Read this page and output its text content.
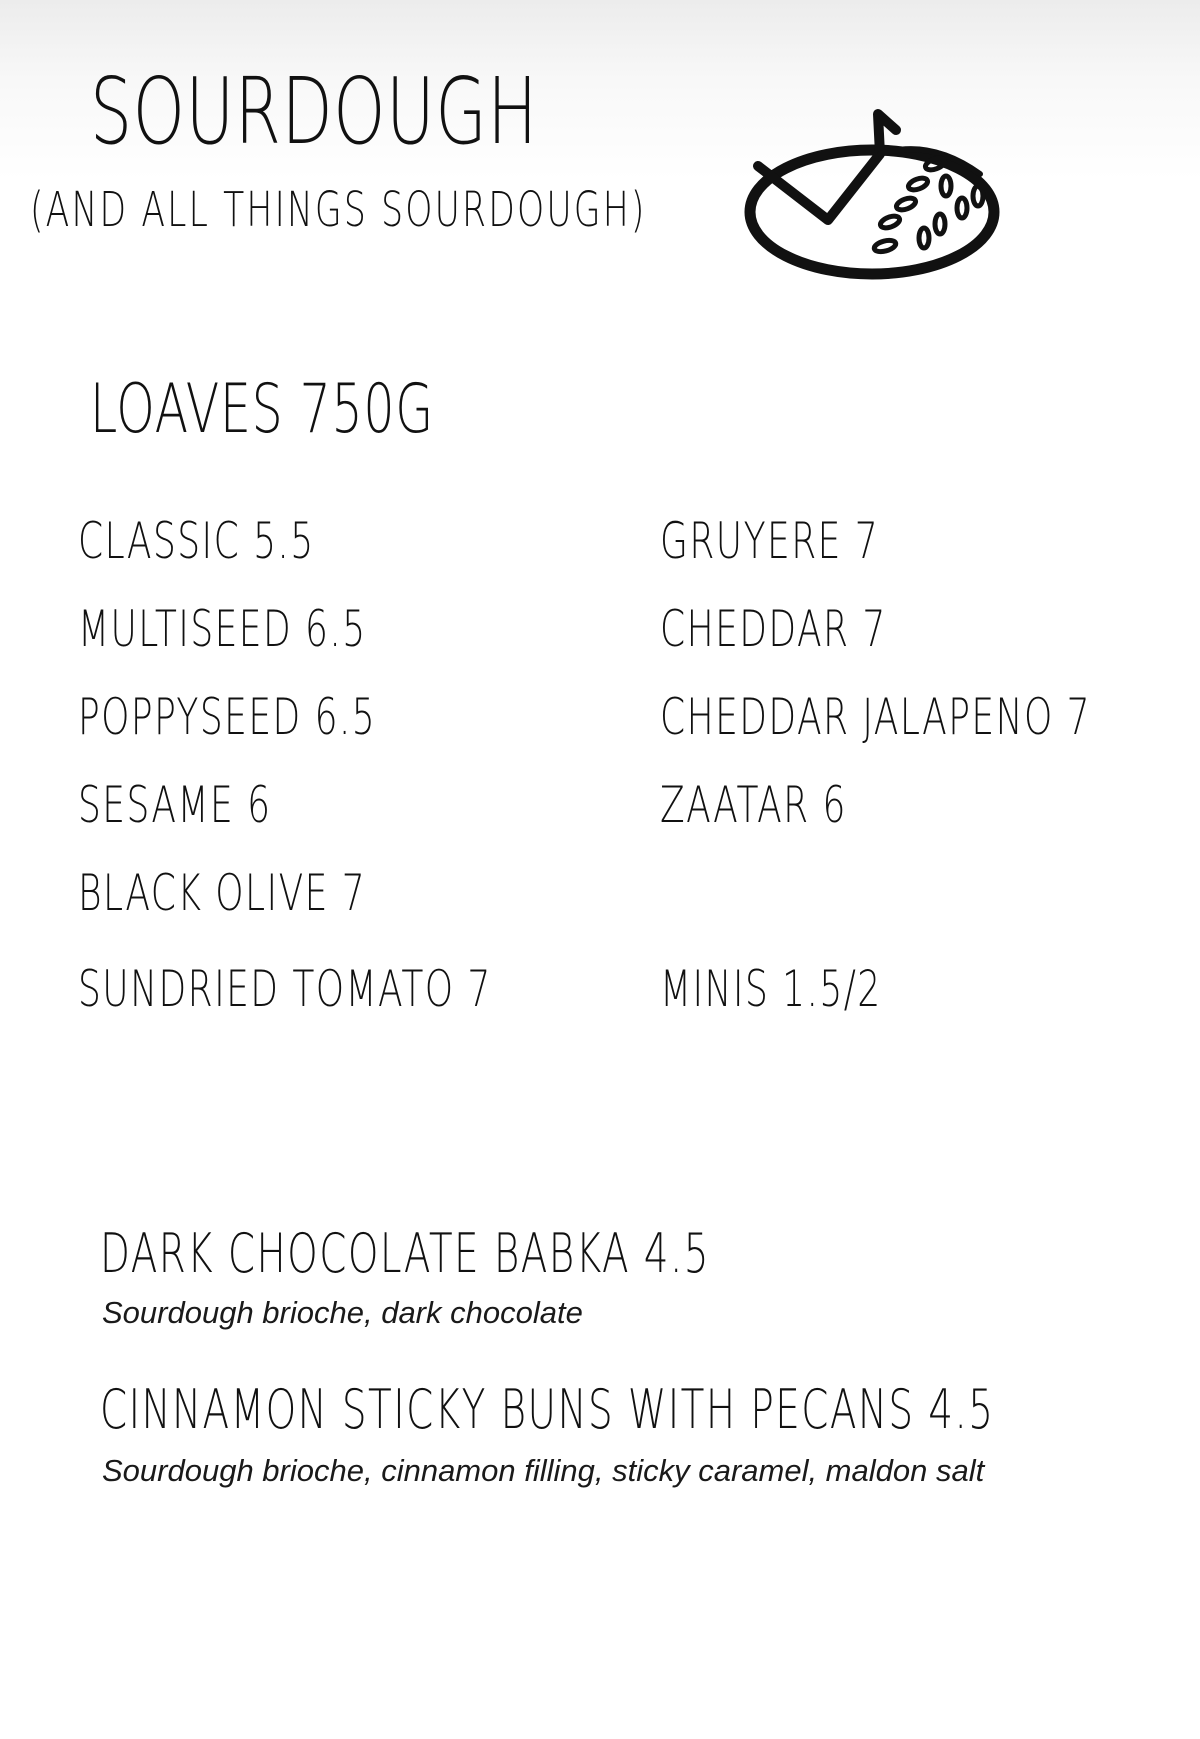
SOURDOUGH
(AND ALL THINGS SOURDOUGH)
LOAVES 750G
CLASSIC 5.5
MULTISEED 6.5
POPPYSEED 6.5
SESAME 6
BLACK OLIVE 7
SUNDRIED TOMATO 7
GRUYERE 7
CHEDDAR 7
CHEDDAR JALAPENO 7
ZAATAR 6
MINIS 1.5/2
DARK CHOCOLATE BABKA 4.5
Sourdough brioche, dark chocolate
CINNAMON STICKY BUNS WITH PECANS 4.5
Sourdough brioche, cinnamon filling, sticky caramel, maldon salt
